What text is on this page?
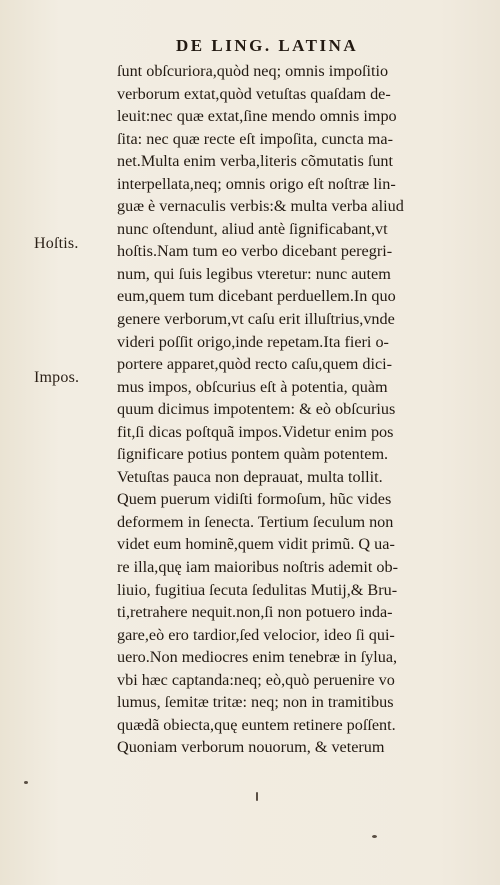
DE LING. LATINA
Hoſtis.
Impos.
ſunt obſcuriora,quòd neq; omnis impoſitio
verborum extat,quòd vetuſtas quaſdam de-
leuit:nec quæ extat,ſine mendo omnis impo
ſita: nec quæ recte eſt impoſita, cuncta ma-
net.Multa enim verba,literis cõmutatis ſunt
interpellata,neq; omnis origo eſt noſtræ lin-
guæ è vernaculis verbis:& multa verba aliud
nunc oſtendunt, aliud antè ſignificabant,vt
hoſtis.Nam tum eo verbo dicebant peregri-
num, qui ſuis legibus vteretur: nunc autem
eum,quem tum dicebant perduellem.In quo
genere verborum,vt caſu erit illuſtrius,vnde
videri poſſit origo,inde repetam.Ita fieri o-
portere apparet,quòd recto caſu,quem dici-
mus impos, obſcurius eſt à potentia, quàm
quum dicimus impotentem: & eò obſcurius
fit,ſi dicas poſtquã impos.Videtur enim pos
ſignificare potius pontem quàm potentem.
Vetuſtas pauca non deprauat, multa tollit.
Quem puerum vidiſti formoſum, hũc vides
deformem in ſenecta. Tertium ſeculum non
videt eum hominẽ,quem vidit primũ. Q ua-
re illa,quę iam maioribus noſtris ademit ob-
liuio, fugitiua ſecuta ſedulitas Mutij,& Bru-
ti,retrahere nequit.non,ſi non potuero inda-
gare,eò ero tardior,ſed velocior, ideo ſi qui-
uero.Non mediocres enim tenebræ in ſylua,
vbi hæc captanda:neq; eò,quò peruenire vo
lumus, ſemitæ tritæ: neq; non in tramitibus
quædã obiecta,quę euntem retinere poſſent.
Quoniam verborum nouorum, & veterum
